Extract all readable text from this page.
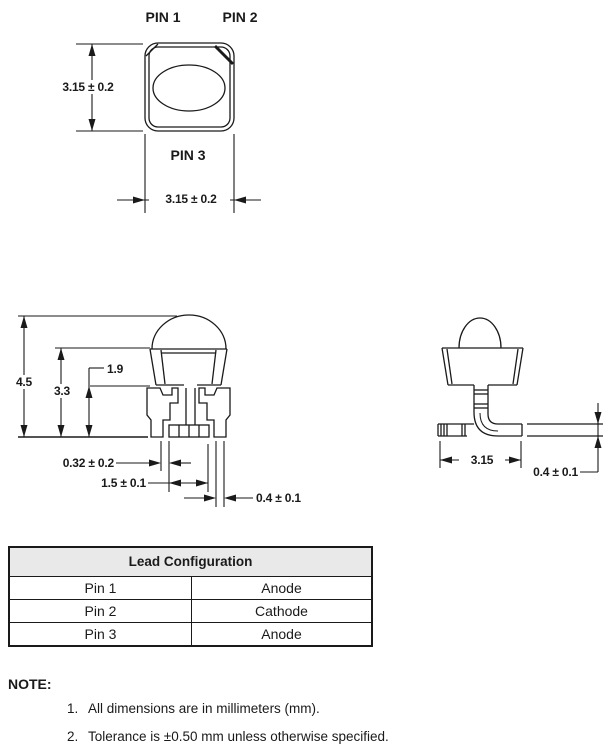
PIN 1	PIN 2
PIN 3
3.15 ± 0.2
3.15 ± 0.2
4.5
3.3
1.9
0.32 ± 0.2
1.5 ± 0.1
0.4 ± 0.1
3.15
0.4 ± 0.1
Lead Configuration
Pin 1	Anode
Pin 2	Cathode
Pin 3	Anode
NOTE:
1. All dimensions are in millimeters (mm).
2. Tolerance is ±0.50 mm unless otherwise specified.
